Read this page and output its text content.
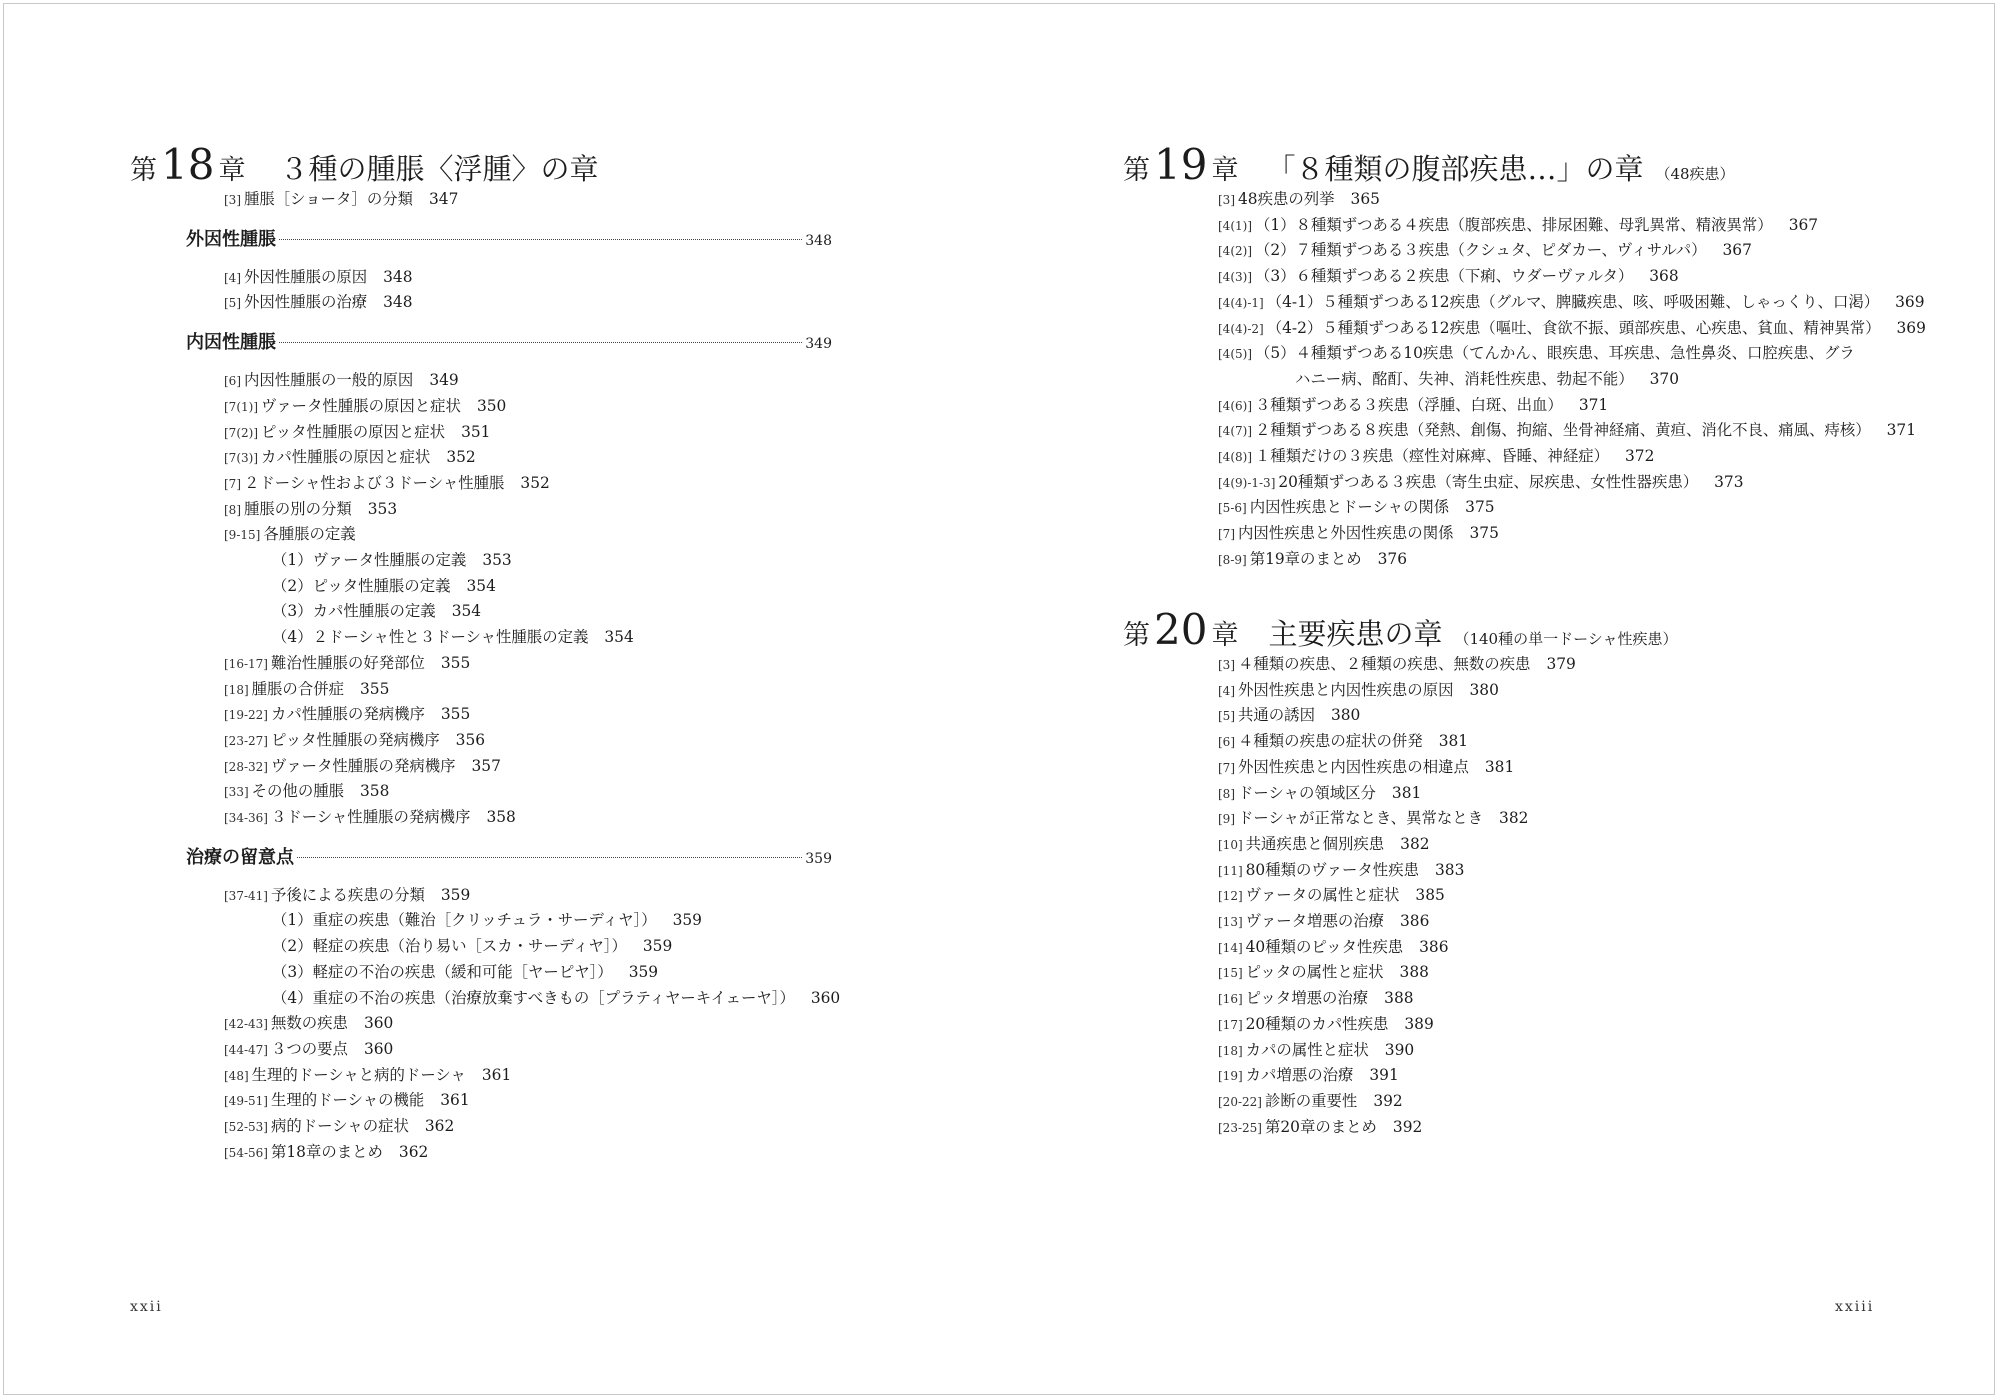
第 18 章 ３種の腫脹〈浮腫〉の章
[3] 腫脹［ショータ］の分類 347
外因性腫脹	348
[4] 外因性腫脹の原因 348
[5] 外因性腫脹の治療 348
内因性腫脹	349
[6] 内因性腫脹の一般的原因 349
[7(1)] ヴァータ性腫脹の原因と症状 350
[7(2)] ピッタ性腫脹の原因と症状 351
[7(3)] カパ性腫脹の原因と症状 352
[7] ２ドーシャ性および３ドーシャ性腫脹 352
[8] 腫脹の別の分類 353
[9-15] 各腫脹の定義
（1）ヴァータ性腫脹の定義 353
（2）ピッタ性腫脹の定義 354
（3）カパ性腫脹の定義 354
（4）２ドーシャ性と３ドーシャ性腫脹の定義 354
[16-17] 難治性腫脹の好発部位 355
[18] 腫脹の合併症 355
[19-22] カパ性腫脹の発病機序 355
[23-27] ピッタ性腫脹の発病機序 356
[28-32] ヴァータ性腫脹の発病機序 357
[33] その他の腫脹 358
[34-36] ３ドーシャ性腫脹の発病機序 358
治療の留意点	359
[37-41] 予後による疾患の分類 359
（1）重症の疾患（難治［クリッチュラ・サーディヤ］） 359
（2）軽症の疾患（治り易い［スカ・サーディヤ］） 359
（3）軽症の不治の疾患（緩和可能［ヤーピヤ］） 359
（4）重症の不治の疾患（治療放棄すべきもの［プラティヤーキイェーヤ］） 360
[42-43] 無数の疾患 360
[44-47] ３つの要点 360
[48] 生理的ドーシャと病的ドーシャ 361
[49-51] 生理的ドーシャの機能 361
[52-53] 病的ドーシャの症状 362
[54-56] 第18章のまとめ 362
xxii
第 19 章 「８種類の腹部疾患…」の章 （48疾患）
[3] 48疾患の列挙 365
[4(1)] （1）８種類ずつある４疾患（腹部疾患、排尿困難、母乳異常、精液異常） 367
[4(2)] （2）７種類ずつある３疾患（クシュタ、ピダカー、ヴィサルパ） 367
[4(3)] （3）６種類ずつある２疾患（下痢、ウダーヴァルタ） 368
[4(4)-1] （4-1）５種類ずつある12疾患（グルマ、脾臓疾患、咳、呼吸困難、しゃっくり、口渇） 369
[4(4)-2] （4-2）５種類ずつある12疾患（嘔吐、食欲不振、頭部疾患、心疾患、貧血、精神異常） 369
[4(5)] （5）４種類ずつある10疾患（てんかん、眼疾患、耳疾患、急性鼻炎、口腔疾患、グラ
ハニー病、酩酊、失神、消耗性疾患、勃起不能） 370
[4(6)] ３種類ずつある３疾患（浮腫、白斑、出血） 371
[4(7)] ２種類ずつある８疾患（発熱、創傷、拘縮、坐骨神経痛、黄疸、消化不良、痛風、痔核） 371
[4(8)] １種類だけの３疾患（痙性対麻痺、昏睡、神経症） 372
[4(9)-1-3] 20種類ずつある３疾患（寄生虫症、尿疾患、女性性器疾患） 373
[5-6] 内因性疾患とドーシャの関係 375
[7] 内因性疾患と外因性疾患の関係 375
[8-9] 第19章のまとめ 376
第 20 章 主要疾患の章 （140種の単一ドーシャ性疾患）
[3] ４種類の疾患、２種類の疾患、無数の疾患 379
[4] 外因性疾患と内因性疾患の原因 380
[5] 共通の誘因 380
[6] ４種類の疾患の症状の併発 381
[7] 外因性疾患と内因性疾患の相違点 381
[8] ドーシャの領域区分 381
[9] ドーシャが正常なとき、異常なとき 382
[10] 共通疾患と個別疾患 382
[11] 80種類のヴァータ性疾患 383
[12] ヴァータの属性と症状 385
[13] ヴァータ増悪の治療 386
[14] 40種類のピッタ性疾患 386
[15] ピッタの属性と症状 388
[16] ピッタ増悪の治療 388
[17] 20種類のカパ性疾患 389
[18] カパの属性と症状 390
[19] カパ増悪の治療 391
[20-22] 診断の重要性 392
[23-25] 第20章のまとめ 392
xxiii
